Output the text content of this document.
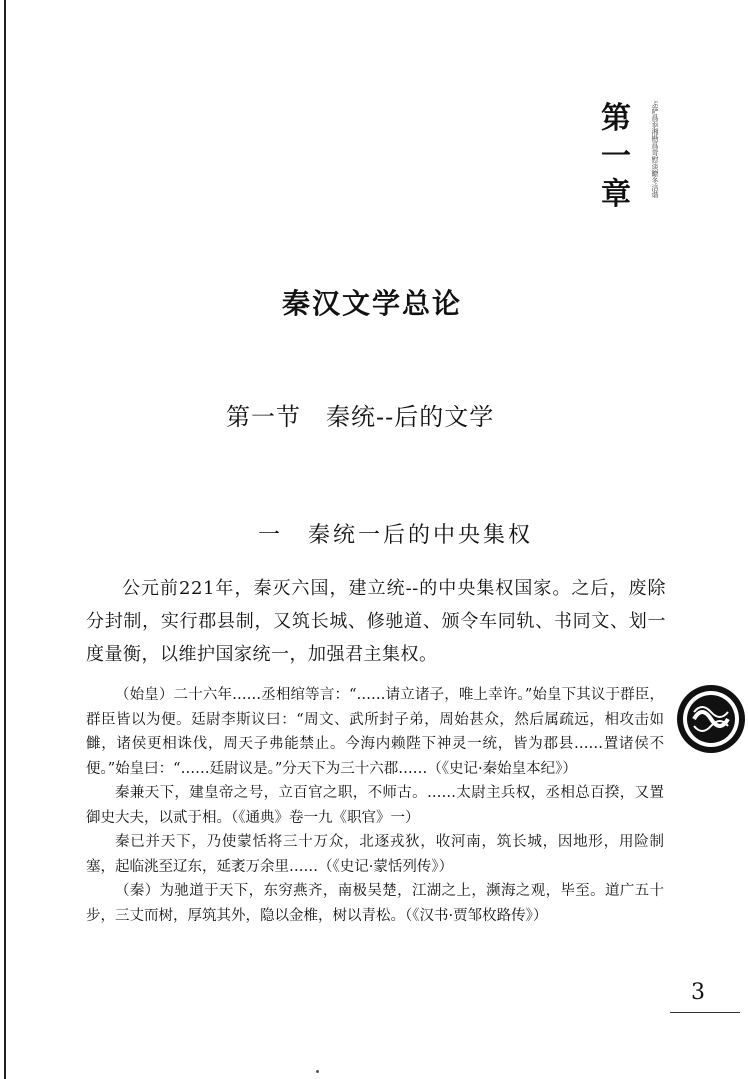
第
一
章	ぷ萨爲忝湘勘爲苛慰谈瞭冬涪谐
秦汉文学总论
第一节　秦统--后的文学
一　秦统一后的中央集权

公元前221年，秦灭六国，建立统--的中央集权国家。之后，废除分封制，实行郡县制，又筑长城、修驰道、颁令车同轨、书同文、划一度量衡，以维护国家统一，加强君主集权。

（始皇）二十六年……丞相绾等言：“……请立诸子，唯上幸许。”始皇下其议于群臣，群臣皆以为便。廷尉李斯议曰：“周文、武所封子弟，周始甚众，然后属疏远，相攻击如雠，诸侯更相诛伐，周天子弗能禁止。今海内赖陛下神灵一统，皆为郡县……置诸侯不便。”始皇曰：“……廷尉议是。”分天下为三十六郡……（《史记·秦始皇本纪》）

秦兼天下，建皇帝之号，立百官之职，不师古。……太尉主兵权，丞相总百揆，又置御史大夫，以贰于相。（《通典》卷一九《职官》一）

秦已并天下，乃使蒙恬将三十万众，北逐戎狄，收河南，筑长城，因地形，用险制塞，起临洮至辽东，延袤万余里……（《史记·蒙恬列传》）

（秦）为驰道于天下，东穷燕齐，南极吴楚，江湖之上，濒海之观，毕至。道广五十步，三丈而树，厚筑其外，隐以金椎，树以青松。（《汉书·贾邹枚路传》）

3
